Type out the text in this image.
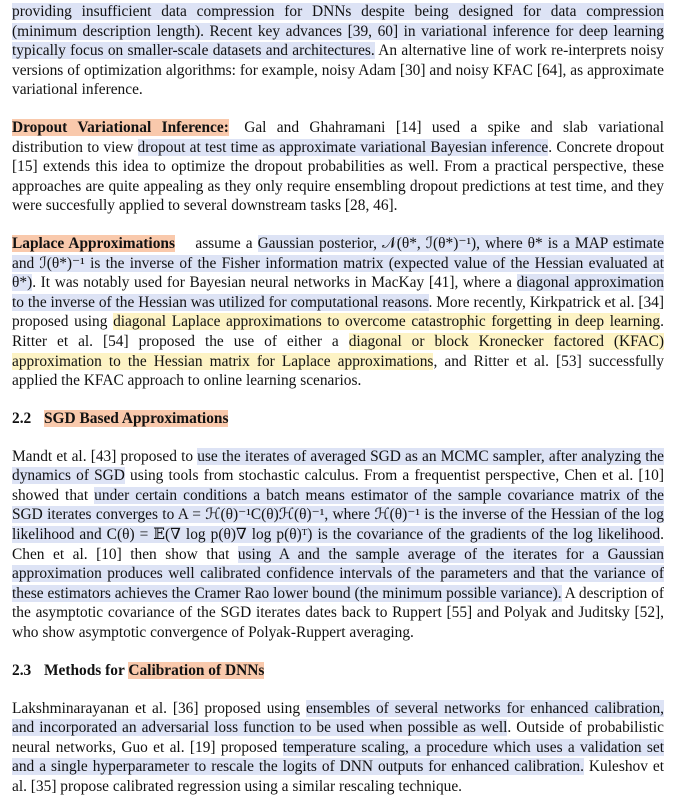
providing insufficient data compression for DNNs despite being designed for data compression (minimum description length). Recent key advances [39, 60] in variational inference for deep learning typically focus on smaller-scale datasets and architectures. An alternative line of work re-interprets noisy versions of optimization algorithms: for example, noisy Adam [30] and noisy KFAC [64], as approximate variational inference.

Dropout Variational Inference: Gal and Ghahramani [14] used a spike and slab variational distribution to view dropout at test time as approximate variational Bayesian inference. Concrete dropout [15] extends this idea to optimize the dropout probabilities as well. From a practical perspective, these approaches are quite appealing as they only require ensembling dropout predictions at test time, and they were succesfully applied to several downstream tasks [28, 46].

Laplace Approximations  assume a Gaussian posterior, 𝒩(θ*, ℐ(θ*)⁻¹), where θ* is a MAP estimate and ℐ(θ*)⁻¹ is the inverse of the Fisher information matrix (expected value of the Hessian evaluated at θ*). It was notably used for Bayesian neural networks in MacKay [41], where a diagonal approximation to the inverse of the Hessian was utilized for computational reasons. More recently, Kirkpatrick et al. [34] proposed using diagonal Laplace approximations to overcome catastrophic forgetting in deep learning. Ritter et al. [54] proposed the use of either a diagonal or block Kronecker factored (KFAC) approximation to the Hessian matrix for Laplace approximations, and Ritter et al. [53] successfully applied the KFAC approach to online learning scenarios.

2.2 SGD Based Approximations

Mandt et al. [43] proposed to use the iterates of averaged SGD as an MCMC sampler, after analyzing the dynamics of SGD using tools from stochastic calculus. From a frequentist perspective, Chen et al. [10] showed that under certain conditions a batch means estimator of the sample covariance matrix of the SGD iterates converges to A = ℋ(θ)⁻¹C(θ)ℋ(θ)⁻¹, where ℋ(θ)⁻¹ is the inverse of the Hessian of the log likelihood and C(θ) = 𝔼(∇ log p(θ)∇ log p(θ)ᵀ) is the covariance of the gradients of the log likelihood. Chen et al. [10] then show that using A and the sample average of the iterates for a Gaussian approximation produces well calibrated confidence intervals of the parameters and that the variance of these estimators achieves the Cramer Rao lower bound (the minimum possible variance). A description of the asymptotic covariance of the SGD iterates dates back to Ruppert [55] and Polyak and Juditsky [52], who show asymptotic convergence of Polyak-Ruppert averaging.

2.3 Methods for Calibration of DNNs

Lakshminarayanan et al. [36] proposed using ensembles of several networks for enhanced calibration, and incorporated an adversarial loss function to be used when possible as well. Outside of probabilistic neural networks, Guo et al. [19] proposed temperature scaling, a procedure which uses a validation set and a single hyperparameter to rescale the logits of DNN outputs for enhanced calibration. Kuleshov et al. [35] propose calibrated regression using a similar rescaling technique.
